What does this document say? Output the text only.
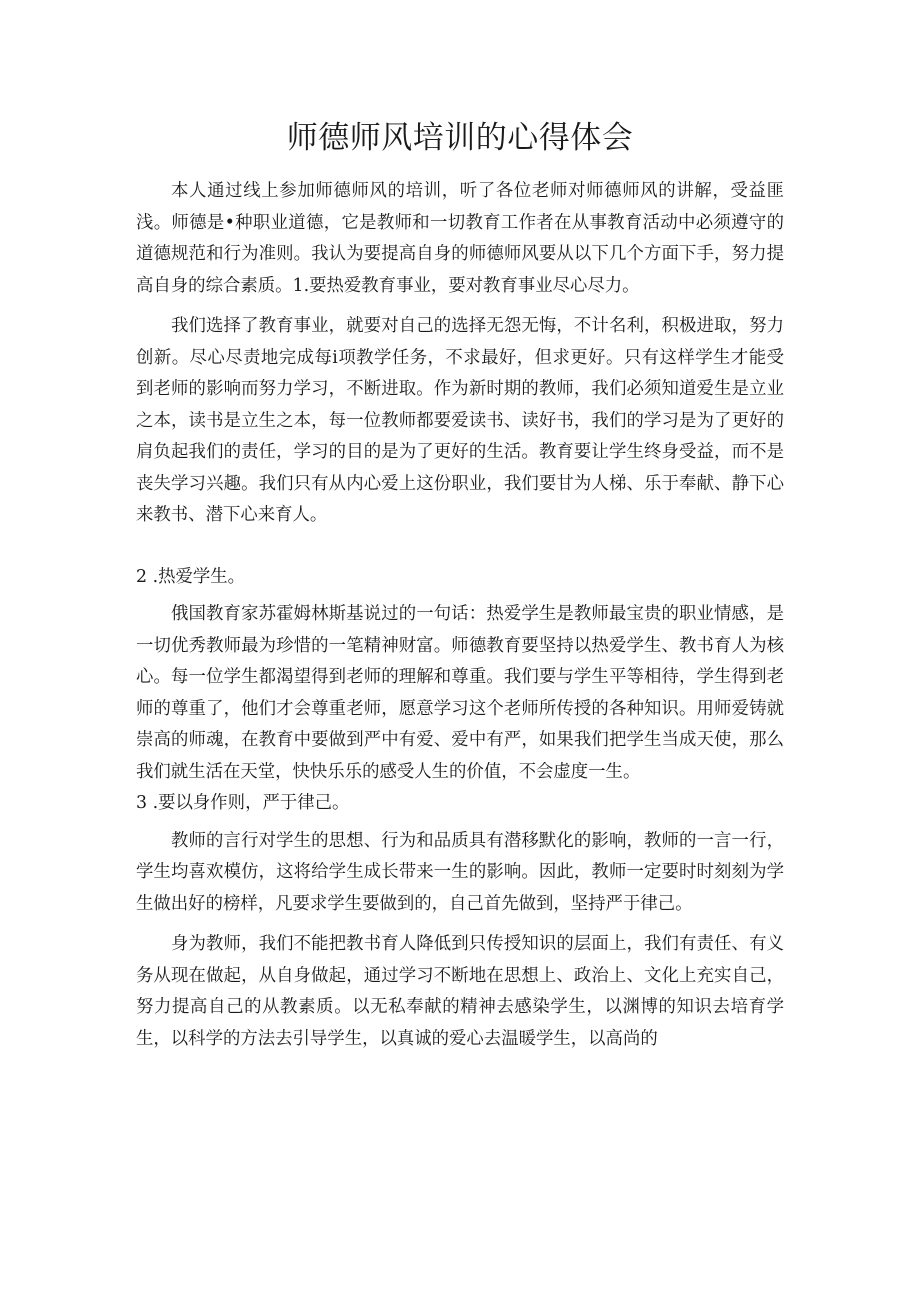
师德师风培训的心得体会

本人通过线上参加师德师风的培训，听了各位老师对师德师风的讲解，受益匪浅。师德是•种职业道德，它是教师和一切教育工作者在从事教育活动中必须遵守的道德规范和行为准则。我认为要提高自身的师德师风要从以下几个方面下手，努力提高自身的综合素质。1.要热爱教育事业，要对教育事业尽心尽力。

我们选择了教育事业，就要对自己的选择无怨无悔，不计名利，积极进取，努力创新。尽心尽责地完成每i项教学任务，不求最好，但求更好。只有这样学生才能受到老师的影响而努力学习，不断进取。作为新时期的教师，我们必须知道爱生是立业之本，读书是立生之本，每一位教师都要爱读书、读好书，我们的学习是为了更好的肩负起我们的责任，学习的目的是为了更好的生活。教育要让学生终身受益，而不是丧失学习兴趣。我们只有从内心爱上这份职业，我们要甘为人梯、乐于奉献、静下心来教书、潜下心来育人。

2 .热爱学生。

俄国教育家苏霍姆林斯基说过的一句话：热爱学生是教师最宝贵的职业情感，是一切优秀教师最为珍惜的一笔精神财富。师德教育要坚持以热爱学生、教书育人为核心。每一位学生都渴望得到老师的理解和尊重。我们要与学生平等相待，学生得到老师的尊重了，他们才会尊重老师，愿意学习这个老师所传授的各种知识。用师爱铸就崇高的师魂，在教育中要做到严中有爱、爱中有严，如果我们把学生当成天使，那么我们就生活在天堂，快快乐乐的感受人生的价值，不会虚度一生。

3 .要以身作则，严于律己。

教师的言行对学生的思想、行为和品质具有潜移默化的影响，教师的一言一行，学生均喜欢模仿，这将给学生成长带来一生的影响。因此，教师一定要时时刻刻为学生做出好的榜样，凡要求学生要做到的，自己首先做到，坚持严于律己。

身为教师，我们不能把教书育人降低到只传授知识的层面上，我们有责任、有义务从现在做起，从自身做起，通过学习不断地在思想上、政治上、文化上充实自己，努力提高自己的从教素质。以无私奉献的精神去感染学生，以渊博的知识去培育学生，以科学的方法去引导学生，以真诚的爱心去温暖学生，以高尚的
